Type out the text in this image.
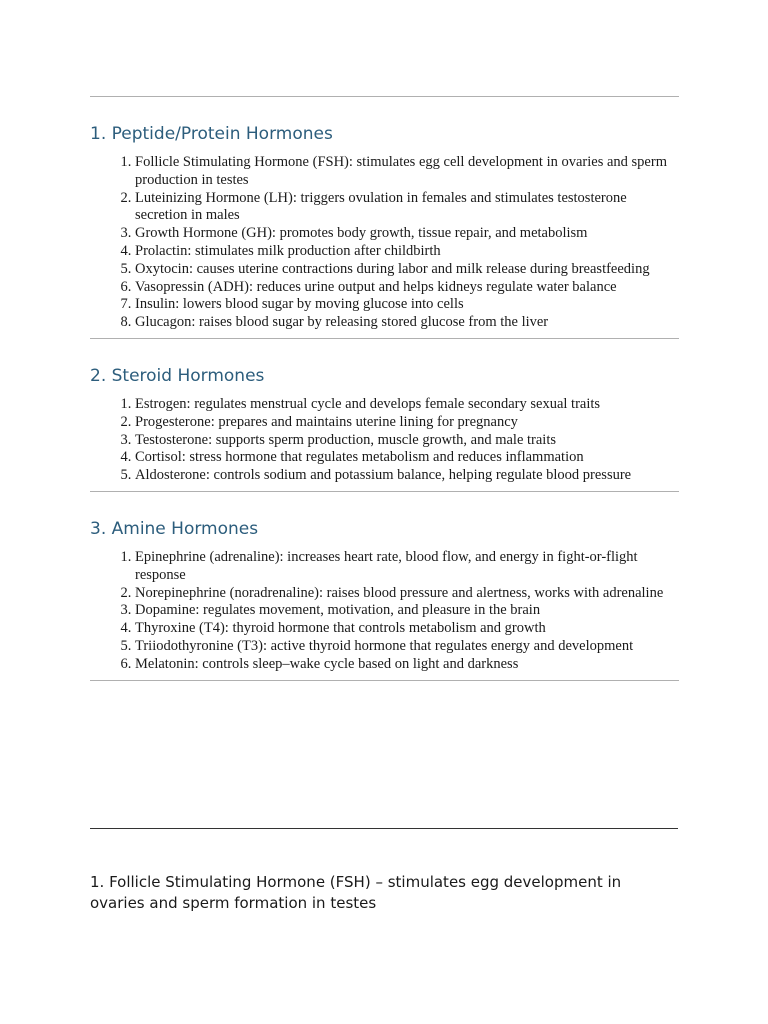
1. Peptide/Protein Hormones
1. Follicle Stimulating Hormone (FSH): stimulates egg cell development in ovaries and sperm production in testes
2. Luteinizing Hormone (LH): triggers ovulation in females and stimulates testosterone secretion in males
3. Growth Hormone (GH): promotes body growth, tissue repair, and metabolism
4. Prolactin: stimulates milk production after childbirth
5. Oxytocin: causes uterine contractions during labor and milk release during breastfeeding
6. Vasopressin (ADH): reduces urine output and helps kidneys regulate water balance
7. Insulin: lowers blood sugar by moving glucose into cells
8. Glucagon: raises blood sugar by releasing stored glucose from the liver
2. Steroid Hormones
1. Estrogen: regulates menstrual cycle and develops female secondary sexual traits
2. Progesterone: prepares and maintains uterine lining for pregnancy
3. Testosterone: supports sperm production, muscle growth, and male traits
4. Cortisol: stress hormone that regulates metabolism and reduces inflammation
5. Aldosterone: controls sodium and potassium balance, helping regulate blood pressure
3. Amine Hormones
1. Epinephrine (adrenaline): increases heart rate, blood flow, and energy in fight-or-flight response
2. Norepinephrine (noradrenaline): raises blood pressure and alertness, works with adrenaline
3. Dopamine: regulates movement, motivation, and pleasure in the brain
4. Thyroxine (T4): thyroid hormone that controls metabolism and growth
5. Triiodothyronine (T3): active thyroid hormone that regulates energy and development
6. Melatonin: controls sleep–wake cycle based on light and darkness

1. Follicle Stimulating Hormone (FSH) – stimulates egg development in ovaries and sperm formation in testes
